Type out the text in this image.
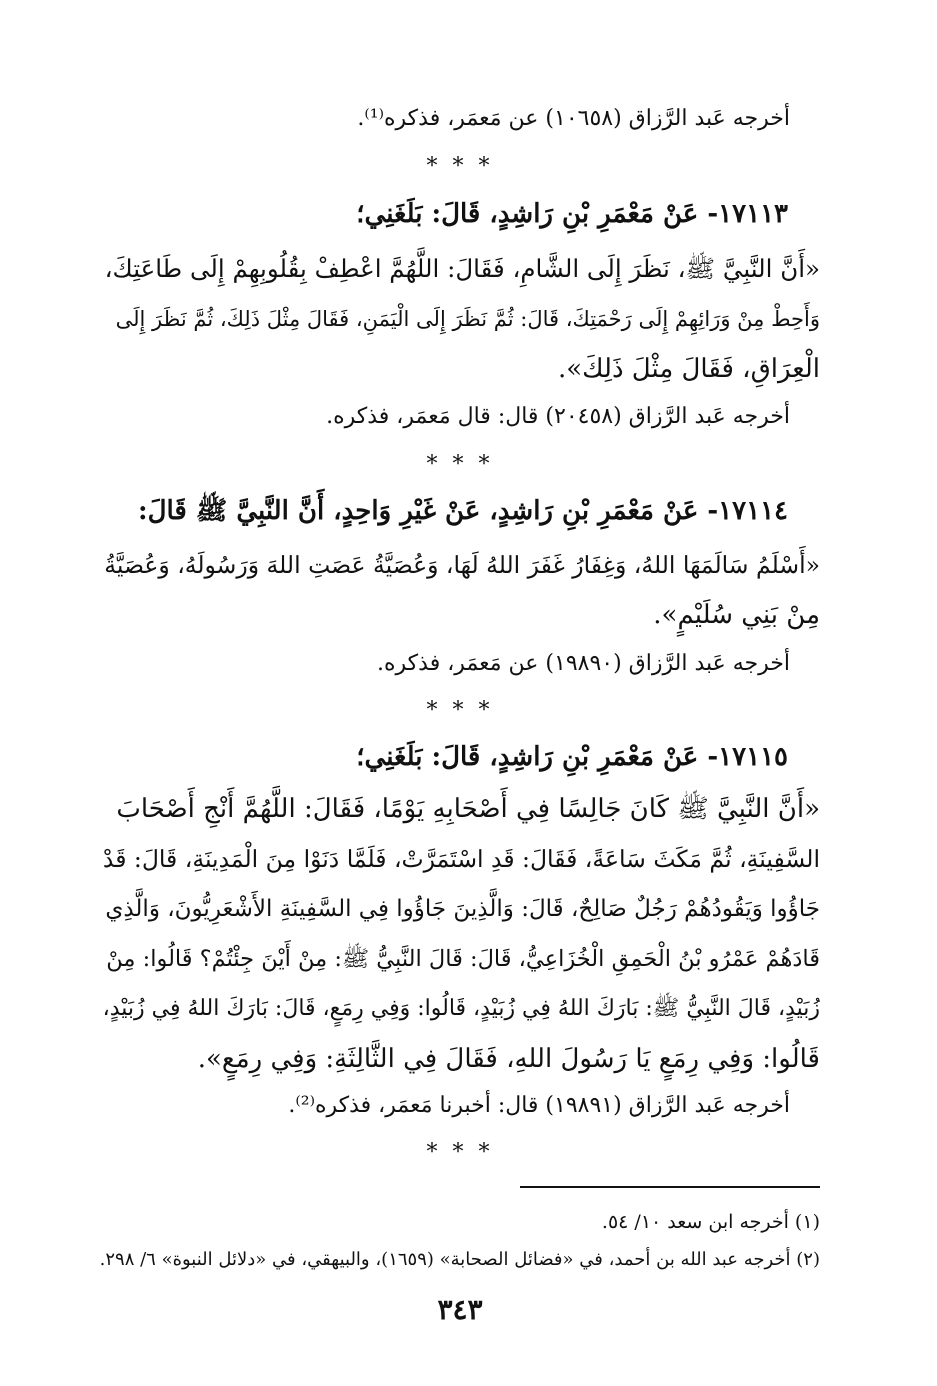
أخرجه عَبد الرَّزاق (١٠٦٥٨) عن مَعمَر، فذكره⁽¹⁾.
* * *
١٧١١٣- عَنْ مَعْمَرِ بْنِ رَاشِدٍ، قَالَ: بَلَغَنِي؛
«أَنَّ النَّبِيَّ ﷺ، نَظَرَ إِلَى الشَّامِ، فَقَالَ: اللَّهُمَّ اعْطِفْ بِقُلُوبِهِمْ إِلَى طَاعَتِكَ،
وَأَحِطْ مِنْ وَرَائِهِمْ إِلَى رَحْمَتِكَ، قَالَ: ثُمَّ نَظَرَ إِلَى الْيَمَنِ، فَقَالَ مِثْلَ ذَلِكَ، ثُمَّ نَظَرَ إِلَى
الْعِرَاقِ، فَقَالَ مِثْلَ ذَلِكَ».
أخرجه عَبد الرَّزاق (٢٠٤٥٨) قال: قال مَعمَر، فذكره.
* * *
١٧١١٤- عَنْ مَعْمَرِ بْنِ رَاشِدٍ، عَنْ غَيْرِ وَاحِدٍ، أَنَّ النَّبِيَّ ﷺ قَالَ:
«أَسْلَمُ سَالَمَهَا اللهُ، وَغِفَارُ غَفَرَ اللهُ لَهَا، وَعُصَيَّةُ عَصَتِ اللهَ وَرَسُولَهُ، وَعُصَيَّةُ
مِنْ بَنِي سُلَيْمٍ».
أخرجه عَبد الرَّزاق (١٩٨٩٠) عن مَعمَر، فذكره.
* * *
١٧١١٥- عَنْ مَعْمَرِ بْنِ رَاشِدٍ، قَالَ: بَلَغَنِي؛
«أَنَّ النَّبِيَّ ﷺ كَانَ جَالِسًا فِي أَصْحَابِهِ يَوْمًا، فَقَالَ: اللَّهُمَّ أَنْجِ أَصْحَابَ
السَّفِينَةِ، ثُمَّ مَكَثَ سَاعَةً، فَقَالَ: قَدِ اسْتَمَرَّتْ، فَلَمَّا دَنَوْا مِنَ الْمَدِينَةِ، قَالَ: قَدْ
جَاؤُوا وَيَقُودُهُمْ رَجُلٌ صَالِحٌ، قَالَ: وَالَّذِينَ جَاؤُوا فِي السَّفِينَةِ الأَشْعَرِيُّونَ، وَالَّذِي
قَادَهُمْ عَمْرُو بْنُ الْحَمِقِ الْخُزَاعِيُّ، قَالَ: قَالَ النَّبِيُّ ﷺ: مِنْ أَيْنَ جِئْتُمْ؟ قَالُوا: مِنْ
زُبَيْدٍ، قَالَ النَّبِيُّ ﷺ: بَارَكَ اللهُ فِي زُبَيْدٍ، قَالُوا: وَفِي رِمَعٍ، قَالَ: بَارَكَ اللهُ فِي زُبَيْدٍ،
قَالُوا: وَفِي رِمَعٍ يَا رَسُولَ اللهِ، فَقَالَ فِي الثَّالِثَةِ: وَفِي رِمَعٍ».
أخرجه عَبد الرَّزاق (١٩٨٩١) قال: أخبرنا مَعمَر، فذكره⁽²⁾.
* * *
(١) أخرجه ابن سعد ١٠/ ٥٤.
(٢) أخرجه عبد الله بن أحمد، في «فضائل الصحابة» (١٦٥٩)، والبيهقي، في «دلائل النبوة» ٦/ ٢٩٨.
٣٤٣
